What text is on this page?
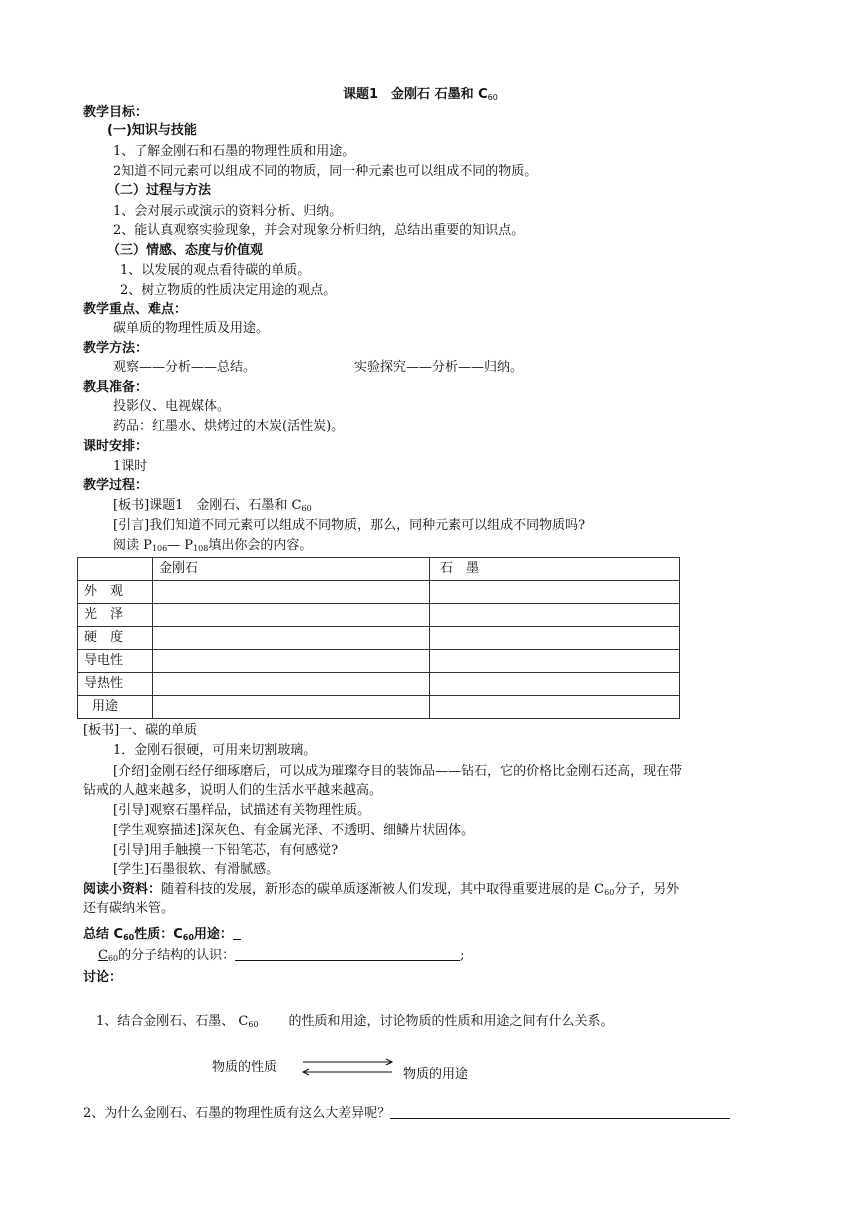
课题1　金刚石 石墨和 $C_{60}$
教学目标：
(一)知识与技能
1、了解金刚石和石墨的物理性质和用途。
2知道不同元素可以组成不同的物质，同一种元素也可以组成不同的物质。
（二）过程与方法
1、会对展示或演示的资料分析、归纳。
2、能认真观察实验现象，并会对现象分析归纳，总结出重要的知识点。
（三）情感、态度与价值观
1、以发展的观点看待碳的单质。
2、树立物质的性质决定用途的观点。
教学重点、难点：
碳单质的物理性质及用途。
教学方法：
观察——分析——总结。	实验探究——分析——归纳。
教具准备：
投影仪、电视媒体。
药品：红墨水、烘烤过的木炭(活性炭)。
课时安排：
1课时
教学过程：
[板书]课题1　金刚石、石墨和 $C_{60}$
[引言]我们知道不同元素可以组成不同物质，那么，同种元素可以组成不同物质吗?
阅读 $P_{106}—$ $P_{108}$填出你会的内容。
	金刚石	石　墨
外　观		
光　泽		
硬　度		
导电性		
导热性		
用途		
[板书]一、碳的单质
1．金刚石很硬，可用来切割玻璃。
[介绍]金刚石经仔细琢磨后，可以成为璀璨夺目的装饰品——钻石，它的价格比金刚石还高，现在带
钻戒的人越来越多，说明人们的生活水平越来越高。
[引导]观察石墨样品，试描述有关物理性质。
[学生观察描述]深灰色、有金属光泽、不透明、细鳞片状固体。
[引导]用手触摸一下铅笔芯，有何感觉?
[学生]石墨很软、有滑腻感。
阅读小资料：随着科技的发展，新形态的碳单质逐渐被人们发现，其中取得重要进展的是 $C_{60}$分子，另外
还有碳纳米管。
总结 $C_{60}$性质：$C_{60}$用途：
$C_{60}$的分子结构的认识：	;
讨论：
1、结合金刚石、石墨、 $C_{60}$ 的性质和用途，讨论物质的性质和用途之间有什么关系。
物质的性质	物质的用途
2、为什么金刚石、石墨的物理性质有这么大差异呢？
